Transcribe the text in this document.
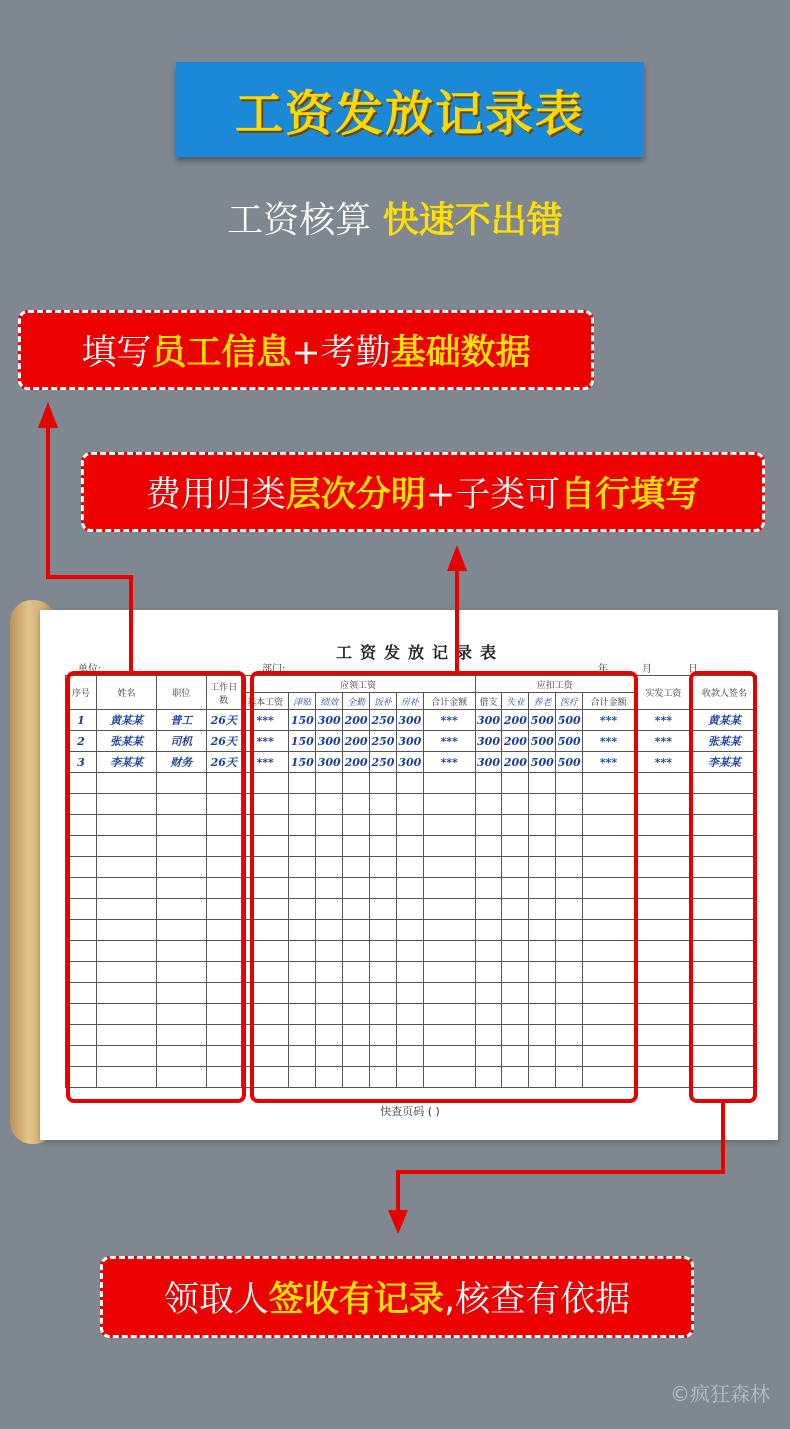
工资发放记录表
工资核算 快速不出错
填写 员工信息 +考勤 基础数据
费用归类 层次分明 +子类可 自行填写
工资发放记录表
单位:	部门:	年	月	日
序号	姓名	职位	工作日数	应领工资							应扣工资					实发工资	收款人签名
				基本工资	津贴	绩效	全勤	饭补	房补	合计金额	借支	失业	养老	医疗	合计金额		
1	黄某某	普工	26天	***	150	300	200	250	300	***	300	200	500	500	***	***	黄某某
2	张某某	司机	26天	***	150	300	200	250	300	***	300	200	500	500	***	***	张某某
3	李某某	财务	26天	***	150	300	200	250	300	***	300	200	500	500	***	***	李某某

快查页码 ( )
领取人 签收有记录 ,核查有依据
©疯狂森林
